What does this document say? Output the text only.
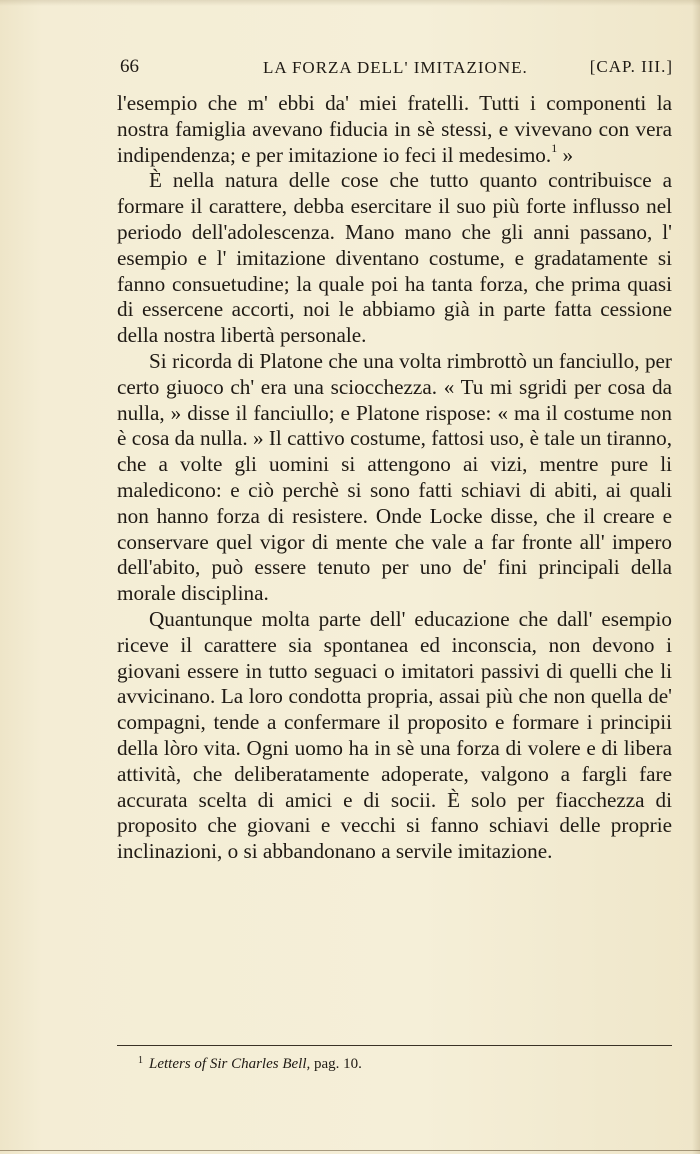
66	LA FORZA DELL' IMITAZIONE.	[CAP. III.]

l'esempio che m' ebbi da' miei fratelli. Tutti i componenti la nostra famiglia avevano fiducia in sè stessi, e vivevano con vera indipendenza; e per imitazione io feci il medesimo.$^1$ »

È nella natura delle cose che tutto quanto contribuisce a formare il carattere, debba esercitare il suo più forte influsso nel periodo dell'adolescenza. Mano mano che gli anni passano, l' esempio e l' imitazione diventano costume, e gradatamente si fanno consuetudine; la quale poi ha tanta forza, che prima quasi di essercene accorti, noi le abbiamo già in parte fatta cessione della nostra libertà personale.

Si ricorda di Platone che una volta rimbrottò un fanciullo, per certo giuoco ch' era una sciocchezza. « Tu mi sgridi per cosa da nulla, » disse il fanciullo; e Platone rispose: « ma il costume non è cosa da nulla. » Il cattivo costume, fattosi uso, è tale un tiranno, che a volte gli uomini si attengono ai vizi, mentre pure li maledicono: e ciò perchè si sono fatti schiavi di abiti, ai quali non hanno forza di resistere. Onde Locke disse, che il creare e conservare quel vigor di mente che vale a far fronte all' impero dell'abito, può essere tenuto per uno de' fini principali della morale disciplina.

Quantunque molta parte dell' educazione che dall' esempio riceve il carattere sia spontanea ed inconscia, non devono i giovani essere in tutto seguaci o imitatori passivi di quelli che li avvicinano. La loro condotta propria, assai più che non quella de' compagni, tende a confermare il proposito e formare i principii della lòro vita. Ogni uomo ha in sè una forza di volere e di libera attività, che deliberatamente adoperate, valgono a fargli fare accurata scelta di amici e di socii. È solo per fiacchezza di proposito che giovani e vecchi si fanno schiavi delle proprie inclinazioni, o si abbandonano a servile imitazione.

$^1$ Letters of Sir Charles Bell, pag. 10.
